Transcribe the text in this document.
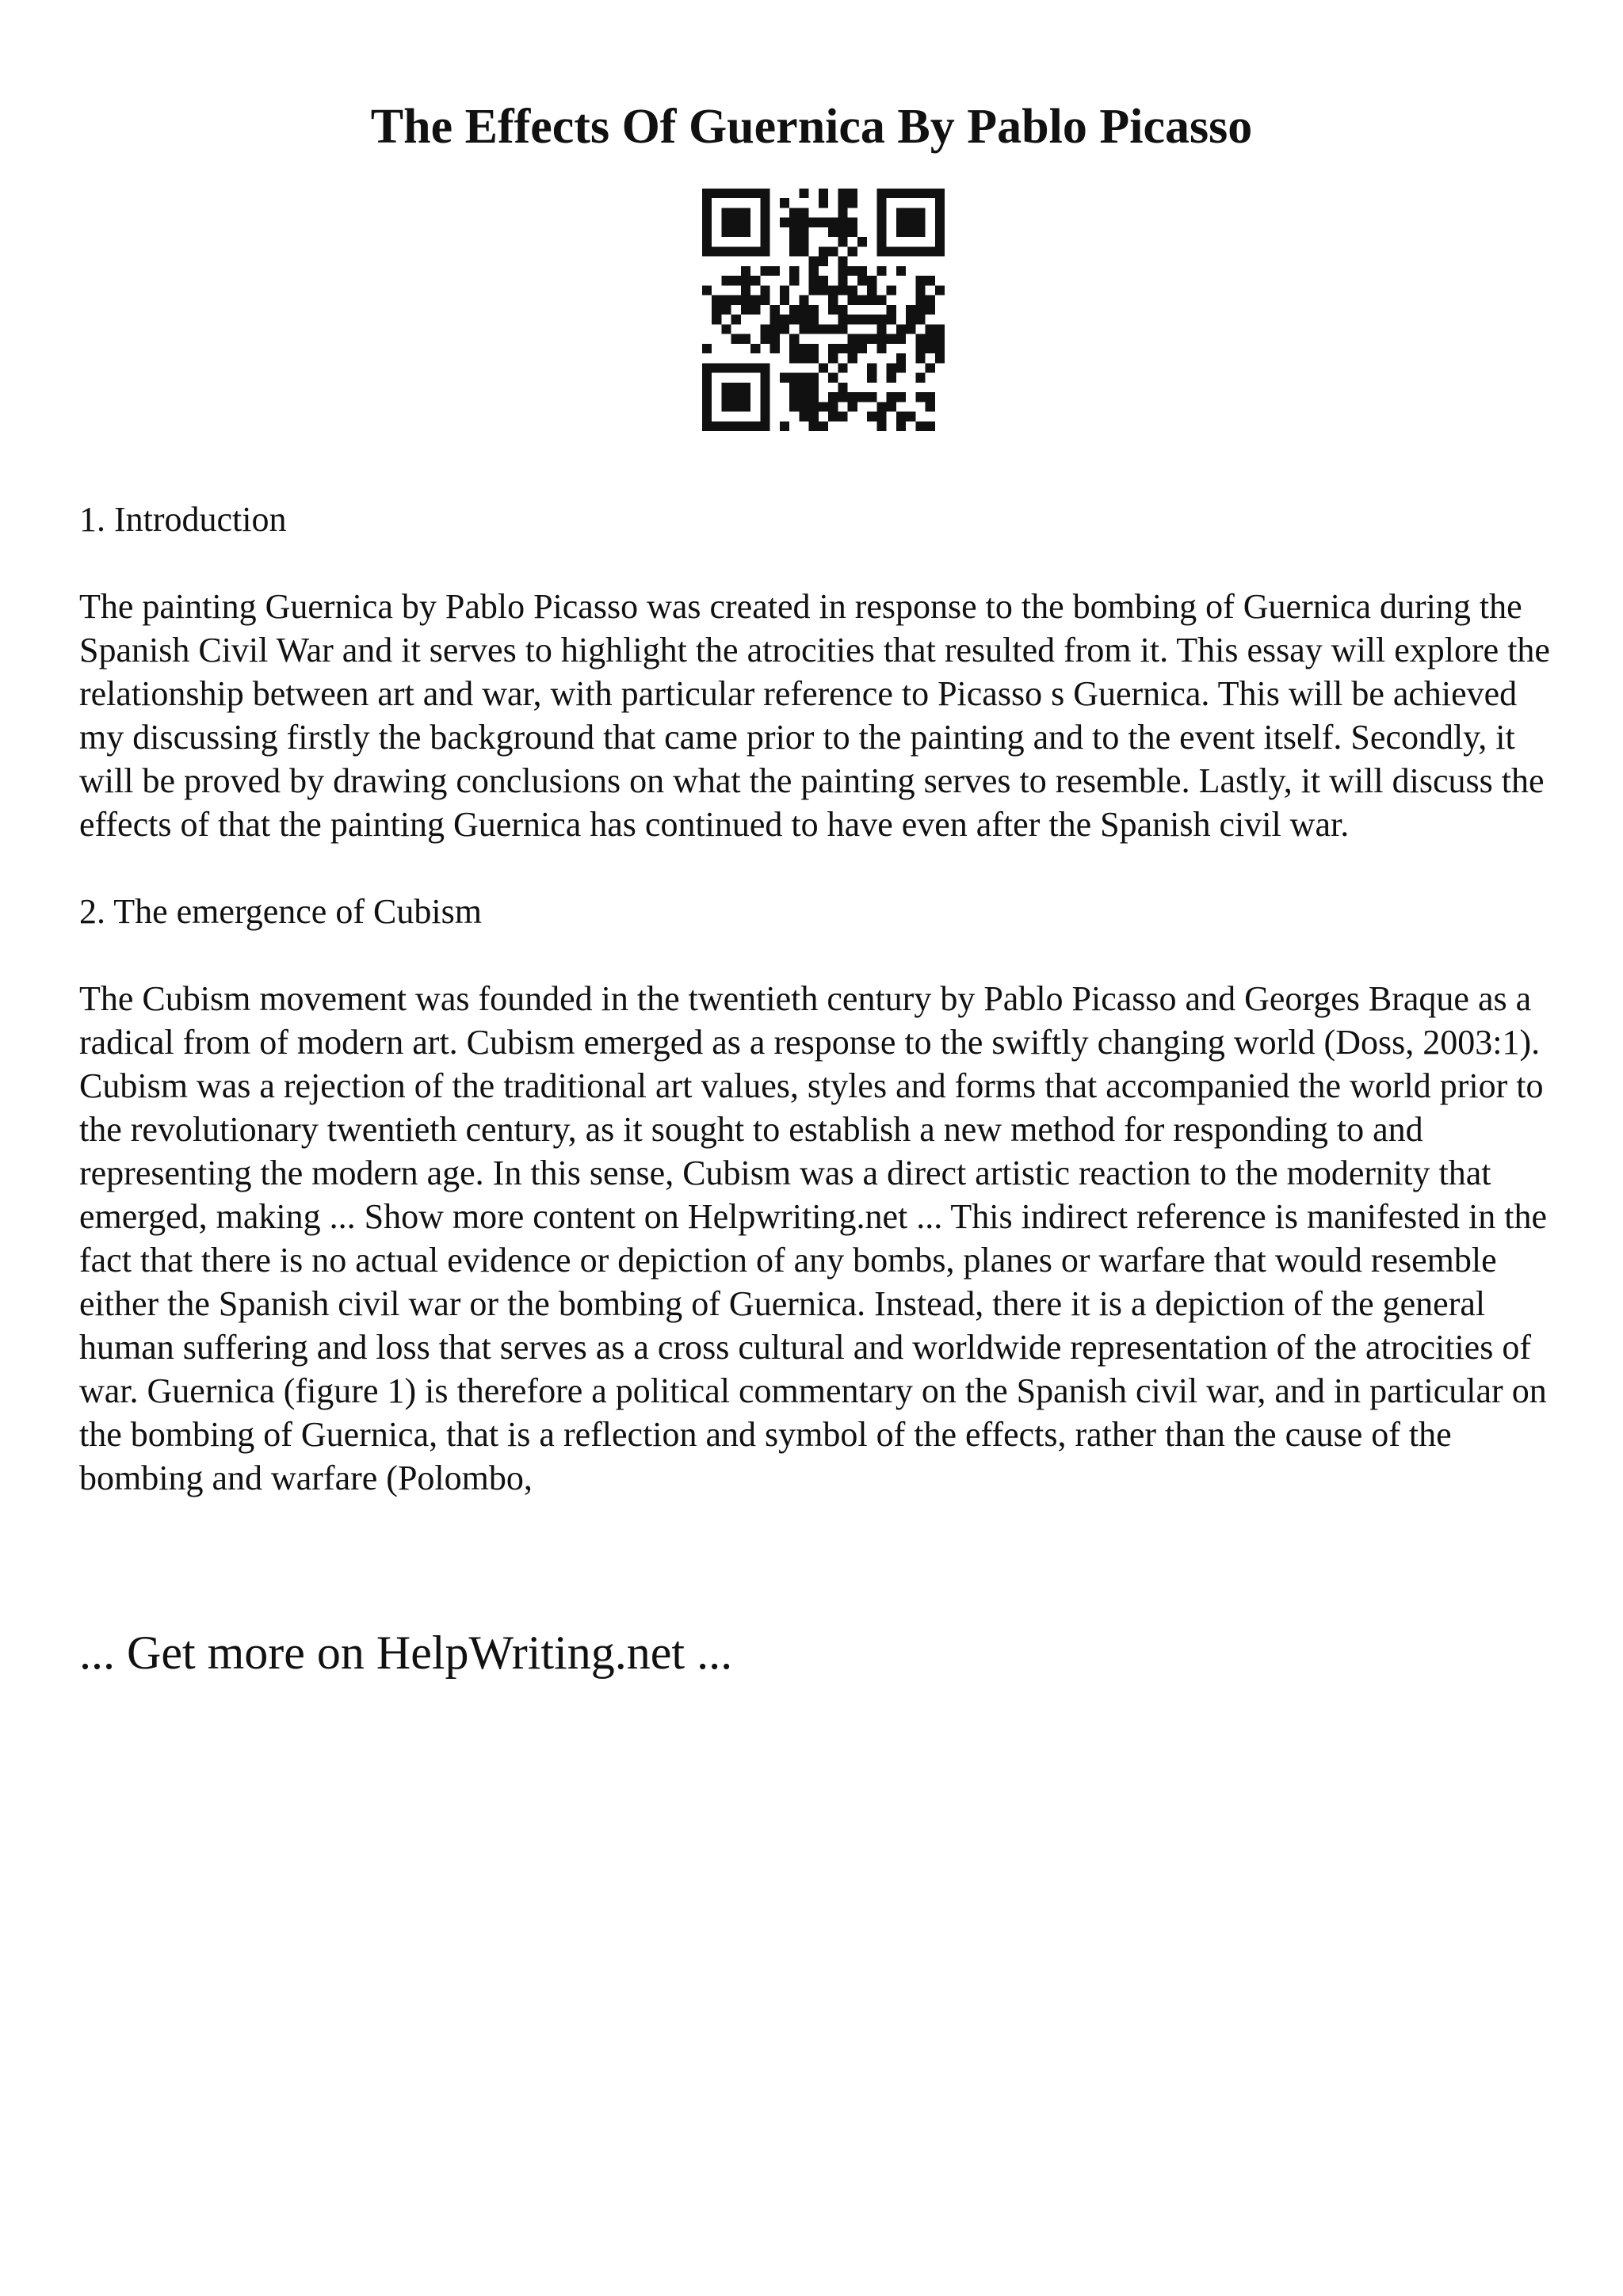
The Effects Of Guernica By Pablo Picasso

1. Introduction

The painting Guernica by Pablo Picasso was created in response to the bombing of Guernica during the Spanish Civil War and it serves to highlight the atrocities that resulted from it. This essay will explore the relationship between art and war, with particular reference to Picasso s Guernica. This will be achieved my discussing firstly the background that came prior to the painting and to the event itself. Secondly, it will be proved by drawing conclusions on what the painting serves to resemble. Lastly, it will discuss the effects of that the painting Guernica has continued to have even after the Spanish civil war.

2. The emergence of Cubism

The Cubism movement was founded in the twentieth century by Pablo Picasso and Georges Braque as a radical from of modern art. Cubism emerged as a response to the swiftly changing world (Doss, 2003:1). Cubism was a rejection of the traditional art values, styles and forms that accompanied the world prior to the revolutionary twentieth century, as it sought to establish a new method for responding to and representing the modern age. In this sense, Cubism was a direct artistic reaction to the modernity that emerged, making ... Show more content on Helpwriting.net ... This indirect reference is manifested in the fact that there is no actual evidence or depiction of any bombs, planes or warfare that would resemble either the Spanish civil war or the bombing of Guernica. Instead, there it is a depiction of the general human suffering and loss that serves as a cross cultural and worldwide representation of the atrocities of war. Guernica (figure 1) is therefore a political commentary on the Spanish civil war, and in particular on the bombing of Guernica, that is a reflection and symbol of the effects, rather than the cause of the bombing and warfare (Polombo,

... Get more on HelpWriting.net ...
